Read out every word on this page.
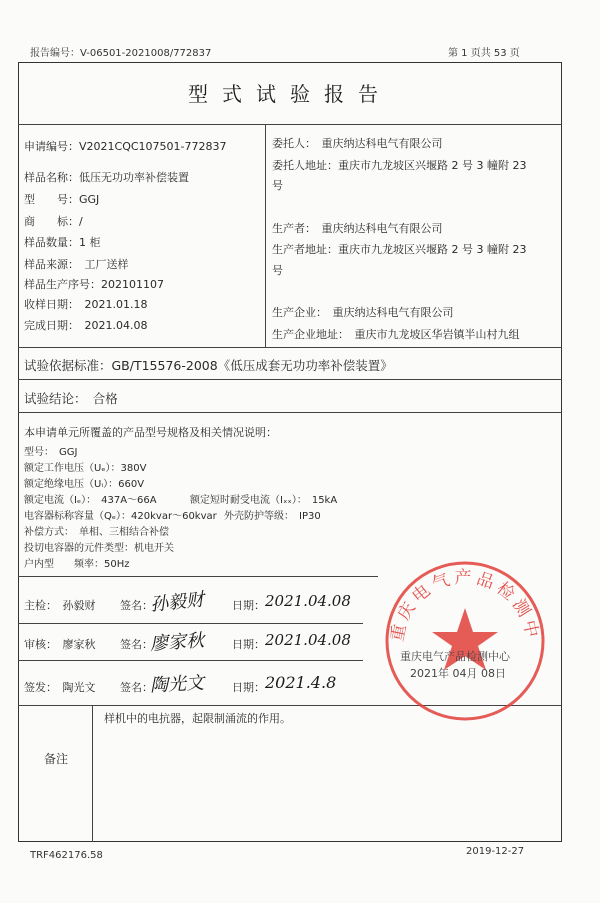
报告编号：V-06501-2021008/772837	第 1 页共 53 页
型式试验报告
申请编号：V2021CQC107501-772837
样品名称：低压无功功率补偿装置
型　　号：GGJ
商　　标：/
样品数量：1 柜
样品来源：　工厂送样
样品生产序号：202101107
收样日期：　2021.01.18
完成日期：　2021.04.08
委托人：　重庆纳达科电气有限公司
委托人地址：重庆市九龙坡区兴堰路 2 号 3 幢附 23
号
生产者：　重庆纳达科电气有限公司
生产者地址：重庆市九龙坡区兴堰路 2 号 3 幢附 23
号
生产企业：　重庆纳达科电气有限公司
生产企业地址：　重庆市九龙坡区华岩镇半山村九组
试验依据标准：GB/T15576-2008《低压成套无功功率补偿装置》
试验结论：　合格
本申请单元所覆盖的产品型号规格及相关情况说明：
型号：　GGJ
额定工作电压（Uₑ）：380V
额定绝缘电压（Uᵢ）：660V
额定电流（Iₑ）：　437A～66A	额定短时耐受电流（Iₓₓ）：　15kA
电容器标称容量（Qₑ）：420kvar～60kvar 外壳防护等级：　IP30
补偿方式：　单相、三相结合补偿
投切电容器的元件类型：机电开关
户内型　　频率：50Hz
主检：　孙毅财 签名：
孙毅财 日期： 2021.04.08
审核：　廖家秋 签名：
廖家秋 日期： 2021.04.08
签发：　陶光文 签名：
陶光文 日期： 2021.4.8
重庆电气产品检测中
重庆电气产品检测中心
2021年 04月 08日
备注
样机中的电抗器，起限制涌流的作用。
TRF462176.58	2019-12-27
